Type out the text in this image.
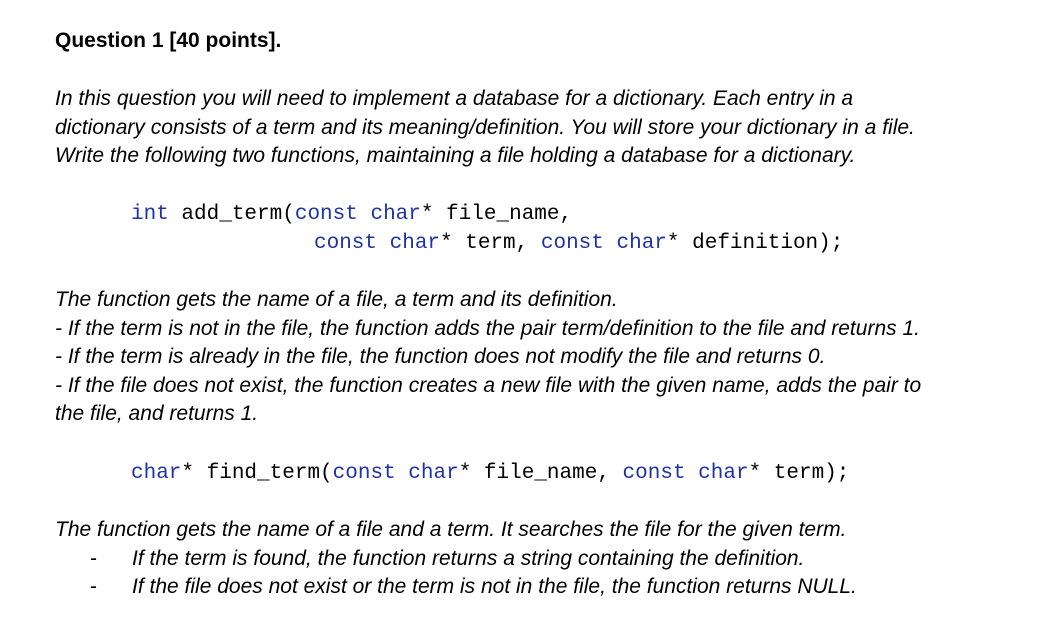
Question 1 [40 points].
In this question you will need to implement a database for a dictionary. Each entry in a
dictionary consists of a term and its meaning/definition. You will store your dictionary in a file.
Write the following two functions, maintaining a file holding a database for a dictionary.
int add_term(const char* file_name,
const char* term, const char* definition);
The function gets the name of a file, a term and its definition.
- If the term is not in the file, the function adds the pair term/definition to the file and returns 1.
- If the term is already in the file, the function does not modify the file and returns 0.
- If the file does not exist, the function creates a new file with the given name, adds the pair to
the file, and returns 1.
char* find_term(const char* file_name, const char* term);
The function gets the name of a file and a term. It searches the file for the given term.
- If the term is found, the function returns a string containing the definition.
- If the file does not exist or the term is not in the file, the function returns NULL.
